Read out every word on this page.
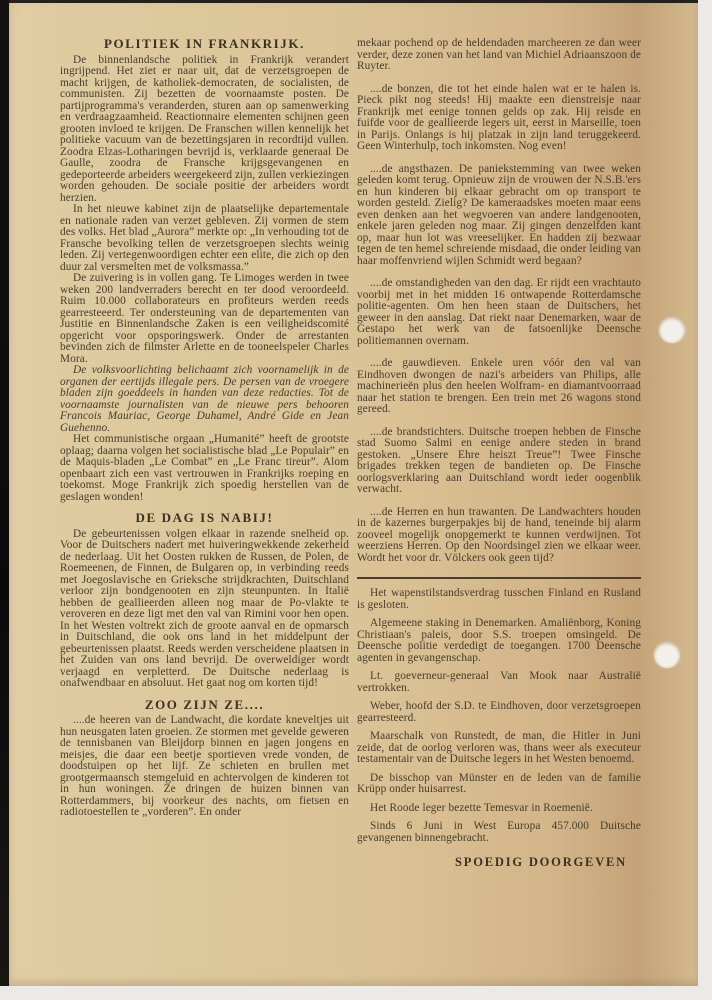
POLITIEK IN FRANKRIJK.

De binnenlandsche politiek in Frankrijk verandert ingrijpend. Het ziet er naar uit, dat de verzetsgroepen de macht krijgen, de katholiek-democraten, de socialisten, de communisten. Zij bezetten de voornaamste posten. De partijprogramma's veranderden, sturen aan op samenwerking en verdraagzaamheid. Reactionnaire elementen schijnen geen grooten invloed te krijgen. De Franschen willen kennelijk het politieke vacuum van de bezettingsjaren in recordtijd vullen. Zoodra Elzas-Lotharingen bevrijd is, verklaarde generaal De Gaulle, zoodra de Fransche krijgsgevangenen en gedeporteerde arbeiders weergekeerd zijn, zullen verkiezingen worden gehouden. De sociale positie der arbeiders wordt herzien.

In het nieuwe kabinet zijn de plaatselijke departementale en nationale raden van verzet gebleven. Zij vormen de stem des volks. Het blad „Aurora” merkte op: „In verhouding tot de Fransche bevolking tellen de verzetsgroepen slechts weinig leden. Zij vertegenwoordigen echter een elite, die zich op den duur zal versmelten met de volksmassa.”

De zuivering is in vollen gang. Te Limoges werden in twee weken 200 landverraders berecht en ter dood veroordeeld. Ruim 10.000 collaborateurs en profiteurs werden reeds gearresteeerd. Ter ondersteuning van de departementen van Justitie en Binnenlandsche Zaken is een veiligheidscomité opgericht voor opsporingswerk. Onder de arrestanten bevinden zich de filmster Arlette en de tooneelspeler Charles Mora.

De volksvoorlichting belichaamt zich voornamelijk in de organen der eertijds illegale pers. De persen van de vroegere bladen zijn goeddeels in handen van deze redacties. Tot de voornaamste journalisten van de nieuwe pers behooren Francois Mauriac, George Duhamel, André Gide en Jean Guehenno.

Het communistische orgaan „Humanité” heeft de grootste oplaag; daarna volgen het socialistische blad „Le Populair” en de Maquis-bladen „Le Combat” en „Le Franc tireur”. Alom openbaart zich een vast vertrouwen in Frankrijks roeping en toekomst. Moge Frankrijk zich spoedig herstellen van de geslagen wonden!

DE DAG IS NABIJ!

De gebeurtenissen volgen elkaar in razende snelheid op. Voor de Duitschers nadert met huiveringwekkende zekerheid de nederlaag. Uit het Oosten rukken de Russen, de Polen, de Roemeenen, de Finnen, de Bulgaren op, in verbinding reeds met Joegoslavische en Grieksche strijdkrachten, Duitschland verloor zijn bondgenooten en zijn steunpunten. In Italië hebben de geallieerden alleen nog maar de Po-vlakte te veroveren en deze ligt met den val van Rimini voor hen open. In het Westen voltrekt zich de groote aanval en de opmarsch in Duitschland, die ook ons land in het middelpunt der gebeurtenissen plaatst. Reeds werden verscheidene plaatsen in het Zuiden van ons land bevrijd. De overweldiger wordt verjaagd en verpletterd. De Duitsche nederlaag is onafwendbaar en absoluut. Het gaat nog om korten tijd!

ZOO ZIJN ZE....

....de heeren van de Landwacht, die kordate kneveltjes uit hun neusgaten laten groeien. Ze stormen met gevelde geweren de tennisbanen van Bleijdorp binnen en jagen jongens en meisjes, die daar een beetje sportieven vrede vonden, de doodstuipen op het lijf. Ze schieten en brullen met grootgermaansch stemgeluid en achtervolgen de kinderen tot in hun woningen. Ze dringen de huizen binnen van Rotterdammers, bij voorkeur des nachts, om fietsen en radiotoestellen te „vorderen”. En onder

mekaar pochend op de heldendaden marcheeren ze dan weer verder, deze zonen van het land van Michiel Adriaanszoon de Ruyter.

....de bonzen, die tot het einde halen wat er te halen is. Pieck pikt nog steeds! Hij maakte een dienstreisje naar Frankrijk met eenige tonnen gelds op zak. Hij reisde en fuifde voor de geallieerde legers uit, eerst in Marseille, toen in Parijs. Onlangs is hij platzak in zijn land teruggekeerd. Geen Winterhulp, toch inkomsten. Nog even!

....de angsthazen. De paniekstemming van twee weken geleden komt terug. Opnieuw zijn de vrouwen der N.S.B.'ers en hun kinderen bij elkaar gebracht om op transport te worden gesteld. Zielig? De kameraadskes moeten maar eens even denken aan het wegvoeren van andere landgenooten, enkele jaren geleden nog maar. Zij gingen denzelfden kant op, maar hun lot was vreeselijker. En hadden zij bezwaar tegen de ten hemel schreiende misdaad, die onder leiding van haar moffenvriend wijlen Schmidt werd begaan?

....de omstandigheden van den dag. Er rijdt een vrachtauto voorbij met in het midden 16 ontwapende Rotterdamsche politie-agenten. Om hen heen staan de Duitschers, het geweer in den aanslag. Dat riekt naar Denemarken, waar de Gestapo het werk van de fatsoenlijke Deensche politiemannen overnam.

....de gauwdieven. Enkele uren vóór den val van Eindhoven dwongen de nazi's arbeiders van Philips, alle machinerieën plus den heelen Wolfram- en diamantvoorraad naar het station te brengen. Een trein met 26 wagons stond gereed.

....de brandstichters. Duitsche troepen hebben de Finsche stad Suomo Salmi en eenige andere steden in brand gestoken. „Unsere Ehre heiszt Treue”! Twee Finsche brigades trekken tegen de bandieten op. De Finsche oorlogsverklaring aan Duitschland wordt ieder oogenblik verwacht.

....de Herren en hun trawanten. De Landwachters houden in de kazernes burgerpakjes bij de hand, teneinde bij alarm zooveel mogelijk onopgemerkt te kunnen verdwijnen. Tot weerziens Herren. Op den Noordsingel zien we elkaar weer. Wordt het voor dr. Völckers ook geen tijd?

Het wapenstilstandsverdrag tusschen Finland en Rusland is gesloten.

Algemeene staking in Denemarken. Amaliënborg, Koning Christiaan's paleis, door S.S. troepen omsingeld. De Deensche politie verdedigt de toegangen. 1700 Deensche agenten in gevangenschap.

Lt. goeverneur-generaal Van Mook naar Australië vertrokken.

Weber, hoofd der S.D. te Eindhoven, door verzetsgroepen gearresteerd.

Maarschalk von Runstedt, de man, die Hitler in Juni zeide, dat de oorlog verloren was, thans weer als executeur testamentair van de Duitsche legers in het Westen benoemd.

De bisschop van Münster en de leden van de familie Krüpp onder huisarrest.

Het Roode leger bezette Temesvar in Roemenië.

Sinds 6 Juni in West Europa 457.000 Duitsche gevangenen binnengebracht.

SPOEDIG DOORGEVEN
